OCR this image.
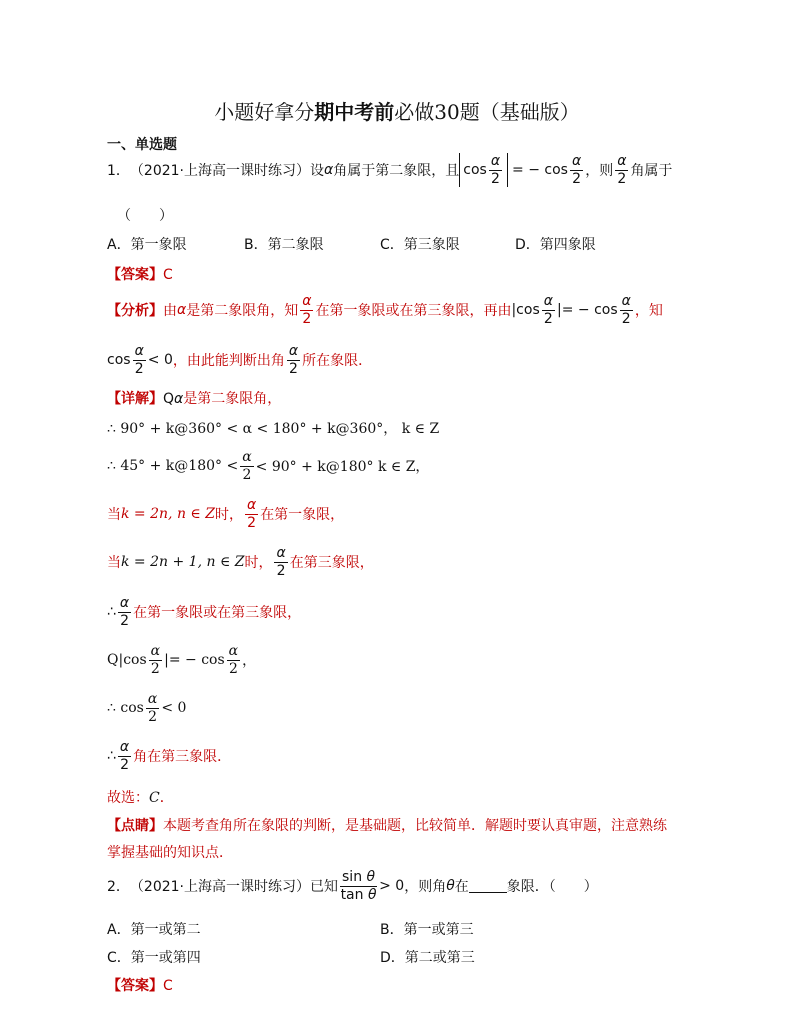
小题好拿分期中考前必做30题（基础版）
一、单选题
1． （2021·上海高一课时练习） 设 α 角属于第二象限，且 $\cos \frac{\alpha}{2}$ = − $\cos \frac{\alpha}{2}$ ，则 $\frac{\alpha}{2}$ 角属于
（　　）
A．第一象限	B．第二象限	C．第三象限	D．第四象限
【答案】C
【分析】 由 α 是第二象限角，知 $\frac{\alpha}{2}$ 在第一象限或在第三象限，再由 $|\cos \frac{\alpha}{2}$ |= − $\cos \frac{\alpha}{2}$ ，知
$\cos \frac{\alpha}{2} < 0$ ，由此能判断出角 $\frac{\alpha}{2}$ 所在象限．
【详解】Qα是第二象限角，
∴ 90° + k@360° < α < 180° + k@360°， k ∈ Z
∴ 45° + k@180° < $\frac{\alpha}{2} < 90^\circ$ + k@180° k ∈ Z，
当 k = 2n, n ∈ Z 时， $\frac{\alpha}{2}$ 在第一象限，
当 k = 2n + 1, n ∈ Z 时， $\frac{\alpha}{2}$ 在第三象限，
∴ $\frac{\alpha}{2}$ 在第一象限或在第三象限，
Q $|\cos \frac{\alpha}{2}$ |= − $\cos \frac{\alpha}{2}$ ，
∴
$\cos \frac{\alpha}{2} < 0$
∴ $\frac{\alpha}{2}$ 角在第三象限．
故选：C．
【点睛】本题考查角所在象限的判断，是基础题，比较简单．解题时要认真审题，注意熟练
掌握基础的知识点．
2． （2021·上海高一课时练习） 已知 $\frac{\text{sin θ}}{\text{tan θ}} > 0$ ，则角 θ 在	象限．（　　）
A．第一或第二	B．第一或第三
C．第一或第四	D．第二或第三
【答案】C
